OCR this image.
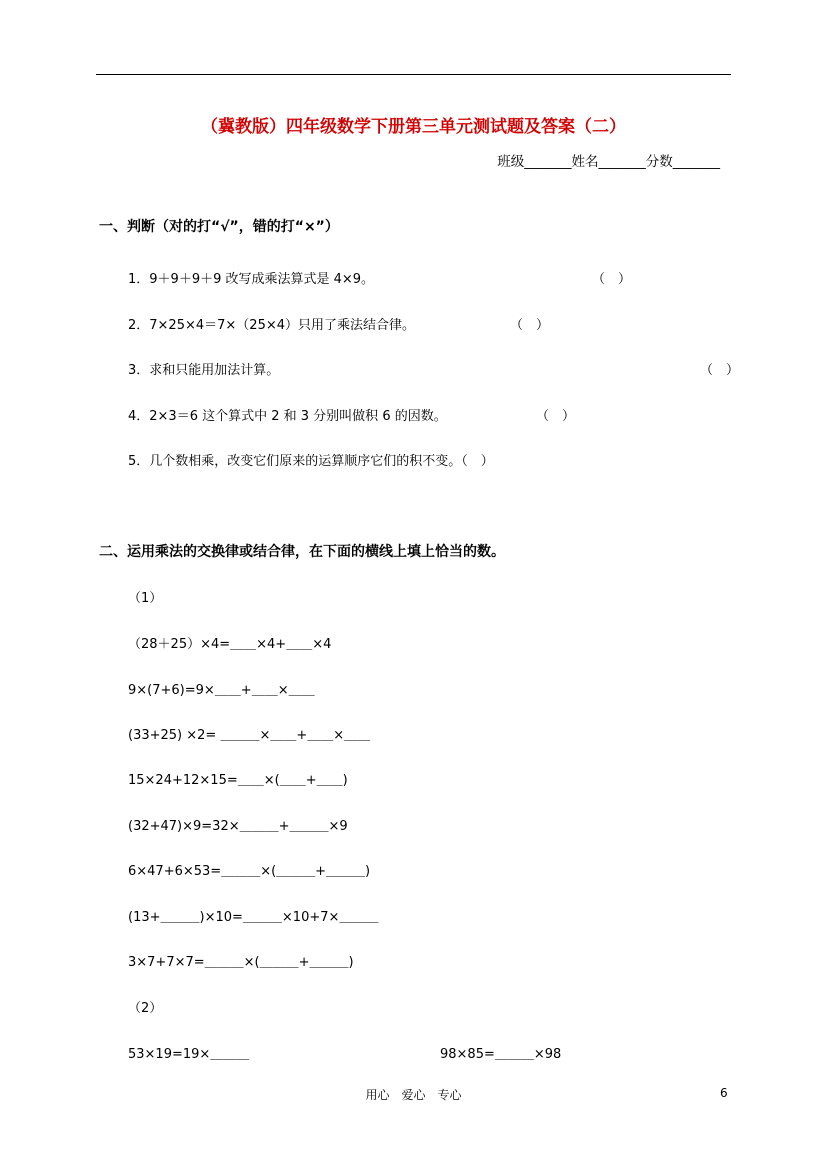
（冀教版）四年级数学下册第三单元测试题及答案（二）
班级_______姓名_______分数_______
一、判断（对的打“√”，错的打“×”）
1．9＋9＋9＋9 改写成乘法算式是 4×9。	（　）
2．7×25×4＝7×（25×4）只用了乘法结合律。	（　）
3．求和只能用加法计算。	（　）
4．2×3＝6 这个算式中 2 和 3 分别叫做积 6 的因数。	（　）
5．几个数相乘，改变它们原来的运算顺序它们的积不变。（　）
二、运用乘法的交换律或结合律，在下面的横线上填上恰当的数。
（1）
（28＋25）×4=＿＿×4+＿＿×4
9×(7+6)=9×＿＿+＿＿×＿＿
(33+25) ×2= ＿＿＿×＿＿+＿＿×＿＿
15×24+12×15=＿＿×(＿＿+＿＿)
(32+47)×9=32×＿＿＿+＿＿＿×9
6×47+6×53=＿＿＿×(＿＿＿+＿＿＿)
(13+＿＿＿)×10=＿＿＿×10+7×＿＿＿
3×7+7×7=＿＿＿×(＿＿＿+＿＿＿)
（2）
53×19=19×＿＿＿	98×85=＿＿＿×98
用心　爱心　专心	6
